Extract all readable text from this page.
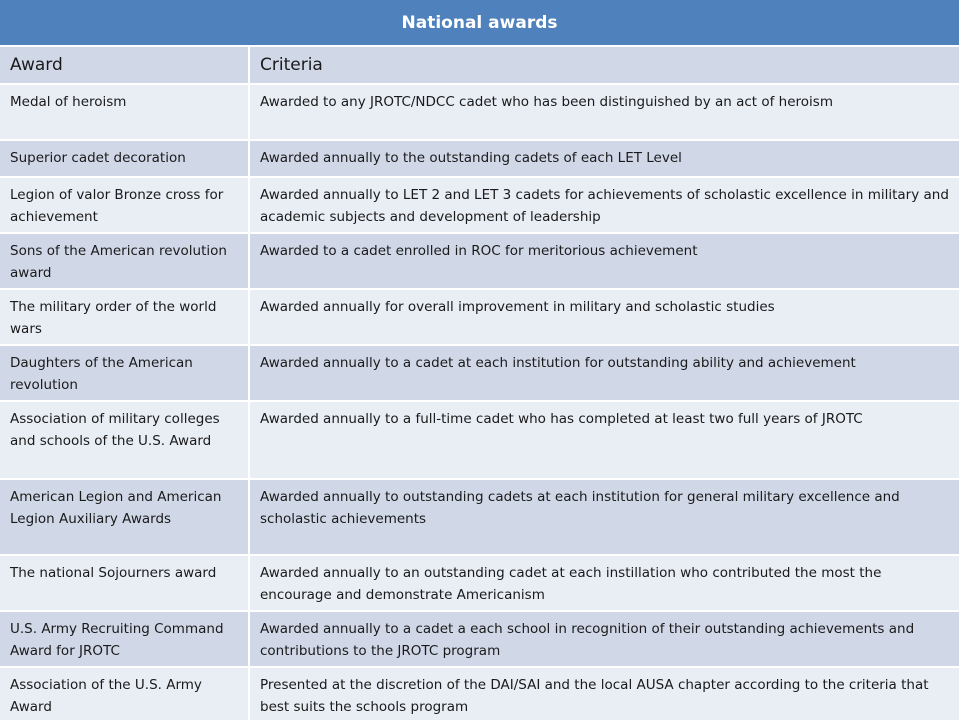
National awards	
Award	Criteria
Medal of heroism	Awarded to any JROTC/NDCC cadet who has been distinguished by an act of heroism
Superior cadet decoration	Awarded annually to the outstanding cadets of each LET Level
Legion of valor Bronze cross for achievement	Awarded annually to LET 2 and LET 3 cadets for achievements of scholastic excellence in military and academic subjects and development of leadership
Sons of the American revolution award	Awarded to a cadet enrolled in ROC for meritorious achievement
The military order of the world wars	Awarded annually for overall improvement in military and scholastic studies
Daughters of the American revolution	Awarded annually to a cadet at each institution for outstanding ability and achievement
Association of military colleges and schools of the U.S. Award	Awarded annually to a full-time cadet who has completed at least two full years of JROTC
American Legion and American Legion Auxiliary Awards	Awarded annually to outstanding cadets at each institution for general military excellence and scholastic achievements
The national Sojourners award	Awarded annually to an outstanding cadet at each instillation who contributed the most the encourage and demonstrate Americanism
U.S. Army Recruiting Command Award for JROTC	Awarded annually to a cadet a each school in recognition of their outstanding achievements and contributions to the JROTC program
Association of the U.S. Army Award	Presented at the discretion of the DAI/SAI and the local AUSA chapter according to the criteria that best suits the schools program
